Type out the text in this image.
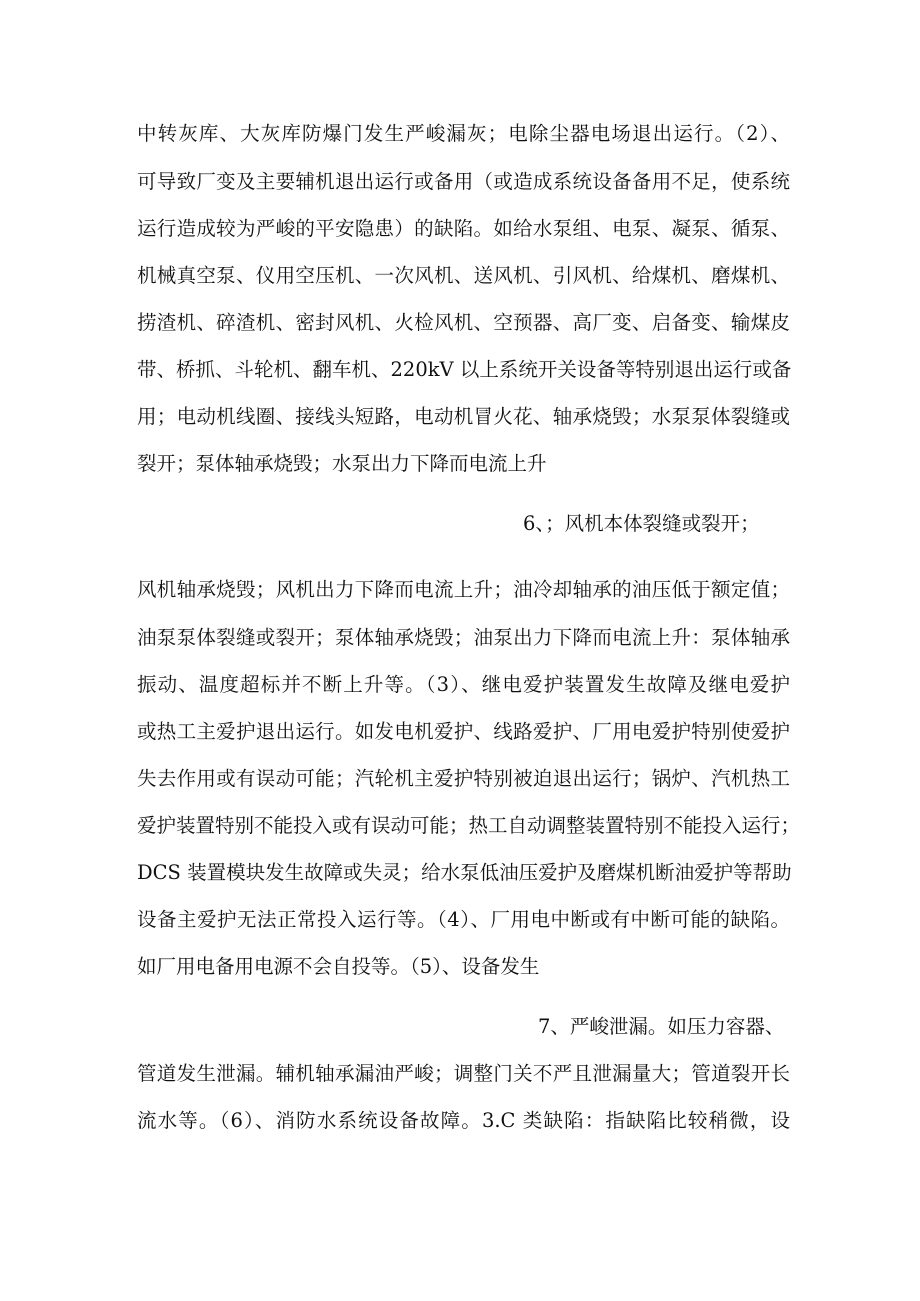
中转灰库、大灰库防爆门发生严峻漏灰；电除尘器电场退出运行。（2）、

可导致厂变及主要辅机退出运行或备用（或造成系统设备备用不足，使系统

运行造成较为严峻的平安隐患）的缺陷。如给水泵组、电泵、凝泵、循泵、

机械真空泵、仪用空压机、一次风机、送风机、引风机、给煤机、磨煤机、

捞渣机、碎渣机、密封风机、火检风机、空预器、高厂变、启备变、输煤皮

带、桥抓、斗轮机、翻车机、220kV 以上系统开关设备等特别退出运行或备

用；电动机线圈、接线头短路，电动机冒火花、轴承烧毁；水泵泵体裂缝或

裂开；泵体轴承烧毁；水泵出力下降而电流上升

6、；风机本体裂缝或裂开；

风机轴承烧毁；风机出力下降而电流上升；油冷却轴承的油压低于额定值；

油泵泵体裂缝或裂开；泵体轴承烧毁；油泵出力下降而电流上升：泵体轴承

振动、温度超标并不断上升等。（3）、继电爱护装置发生故障及继电爱护

或热工主爱护退出运行。如发电机爱护、线路爱护、厂用电爱护特别使爱护

失去作用或有误动可能；汽轮机主爱护特别被迫退出运行；锅炉、汽机热工

爱护装置特别不能投入或有误动可能；热工自动调整装置特别不能投入运行；

DCS 装置模块发生故障或失灵；给水泵低油压爱护及磨煤机断油爱护等帮助

设备主爱护无法正常投入运行等。（4）、厂用电中断或有中断可能的缺陷。

如厂用电备用电源不会自投等。（5）、设备发生

7、严峻泄漏。如压力容器、

管道发生泄漏。辅机轴承漏油严峻；调整门关不严且泄漏量大；管道裂开长

流水等。（6）、消防水系统设备故障。3.C 类缺陷：指缺陷比较稍微，设
